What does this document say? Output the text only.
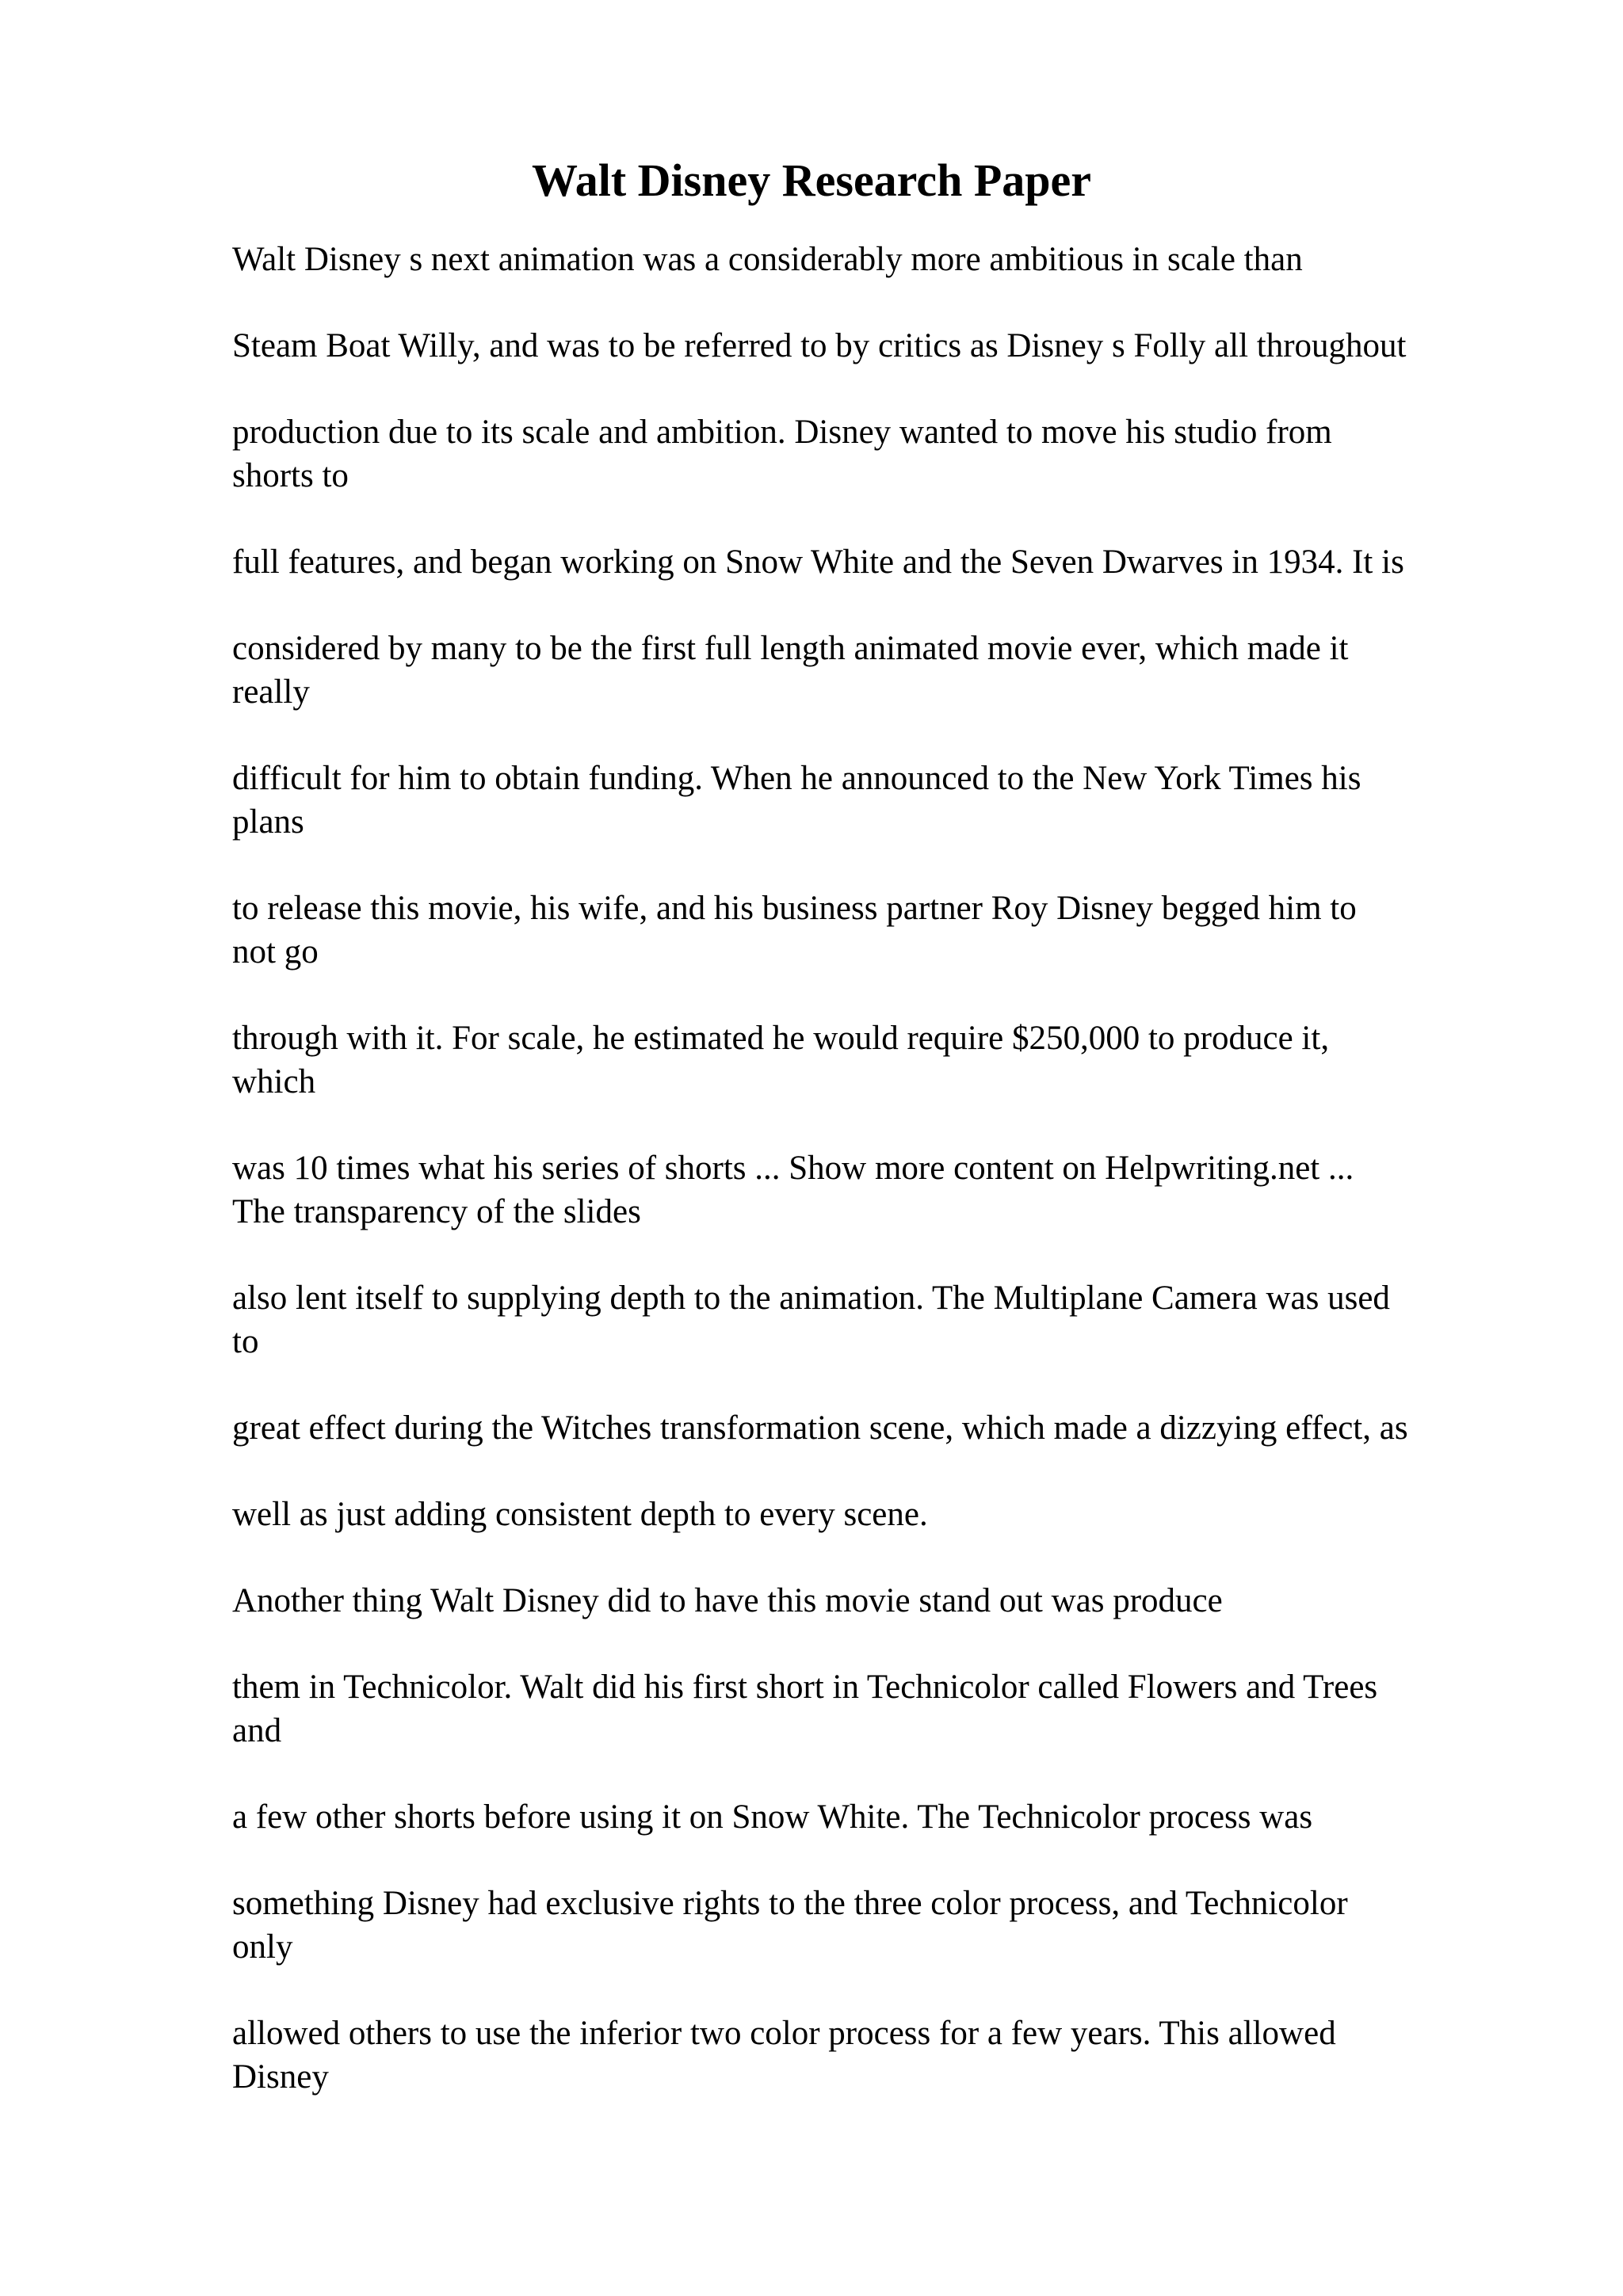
Walt Disney Research Paper

Walt Disney s next animation was a considerably more ambitious in scale than

Steam Boat Willy, and was to be referred to by critics as Disney s Folly all throughout

production due to its scale and ambition. Disney wanted to move his studio from
shorts to

full features, and began working on Snow White and the Seven Dwarves in 1934. It is

considered by many to be the first full length animated movie ever, which made it
really

difficult for him to obtain funding. When he announced to the New York Times his
plans

to release this movie, his wife, and his business partner Roy Disney begged him to
not go

through with it. For scale, he estimated he would require $250,000 to produce it,
which

was 10 times what his series of shorts ... Show more content on Helpwriting.net ...
The transparency of the slides

also lent itself to supplying depth to the animation. The Multiplane Camera was used
to

great effect during the Witches transformation scene, which made a dizzying effect, as

well as just adding consistent depth to every scene.

Another thing Walt Disney did to have this movie stand out was produce

them in Technicolor. Walt did his first short in Technicolor called Flowers and Trees
and

a few other shorts before using it on Snow White. The Technicolor process was

something Disney had exclusive rights to the three color process, and Technicolor
only

allowed others to use the inferior two color process for a few years. This allowed
Disney
